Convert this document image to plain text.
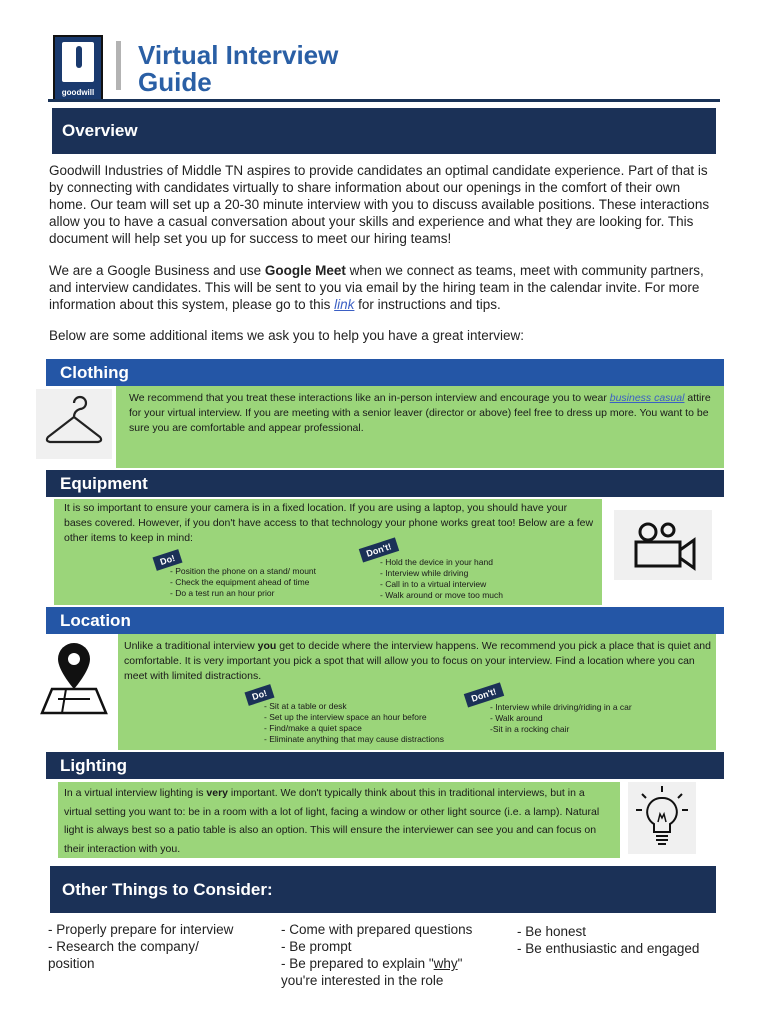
goodwill
Virtual Interview
Guide
Overview
Goodwill Industries of Middle TN aspires to provide candidates an optimal candidate experience. Part of that is by connecting with candidates virtually to share information about our openings in the comfort of their own home. Our team will set up a 20-30 minute interview with you to discuss available positions. These interactions allow you to have a casual conversation about your skills and experience and what they are looking for. This document will help set you up for success to meet our hiring teams!
We are a Google Business and use Google Meet when we connect as teams, meet with community partners, and interview candidates. This will be sent to you via email by the hiring team in the calendar invite. For more information about this system, please go to this link for instructions and tips.
Below are some additional items we ask you to help you have a great interview:
Clothing
We recommend that you treat these interactions like an in-person interview and encourage you to wear business casual attire for your virtual interview. If you are meeting with a senior leaver (director or above) feel free to dress up more. You want to be sure you are comfortable and appear professional.
Equipment
It is so important to ensure your camera is in a fixed location. If you are using a laptop, you should have your bases covered. However, if you don't have access to that technology your phone works great too! Below are a few other items to keep in mind:
Do!
- Position the phone on a stand/ mount
- Check the equipment ahead of time
- Do a test run an hour prior
Don't!
- Hold the device in your hand
- Interview while driving
- Call in to a virtual interview
- Walk around or move too much
Location
Unlike a traditional interview you get to decide where the interview happens. We recommend you pick a place that is quiet and comfortable. It is very important you pick a spot that will allow you to focus on your interview. Find a location where you can meet with limited distractions.
Do!
- Sit at a table or desk
- Set up the interview space an hour before
- Find/make a quiet space
- Eliminate anything that may cause distractions
Don't!
- Interview while driving/riding in a car
- Walk around
-Sit in a rocking chair
Lighting
In a virtual interview lighting is very important. We don't typically think about this in traditional interviews, but in a virtual setting you want to: be in a room with a lot of light, facing a window or other light source (i.e. a lamp). Natural light is always best so a patio table is also an option. This will ensure the interviewer can see you and can focus on their interaction with you.
Other Things to Consider:
- Properly prepare for interview
- Research the company/
position
- Come with prepared questions
- Be prompt
- Be prepared to explain "why"
you're interested in the role
- Be honest
- Be enthusiastic and engaged
